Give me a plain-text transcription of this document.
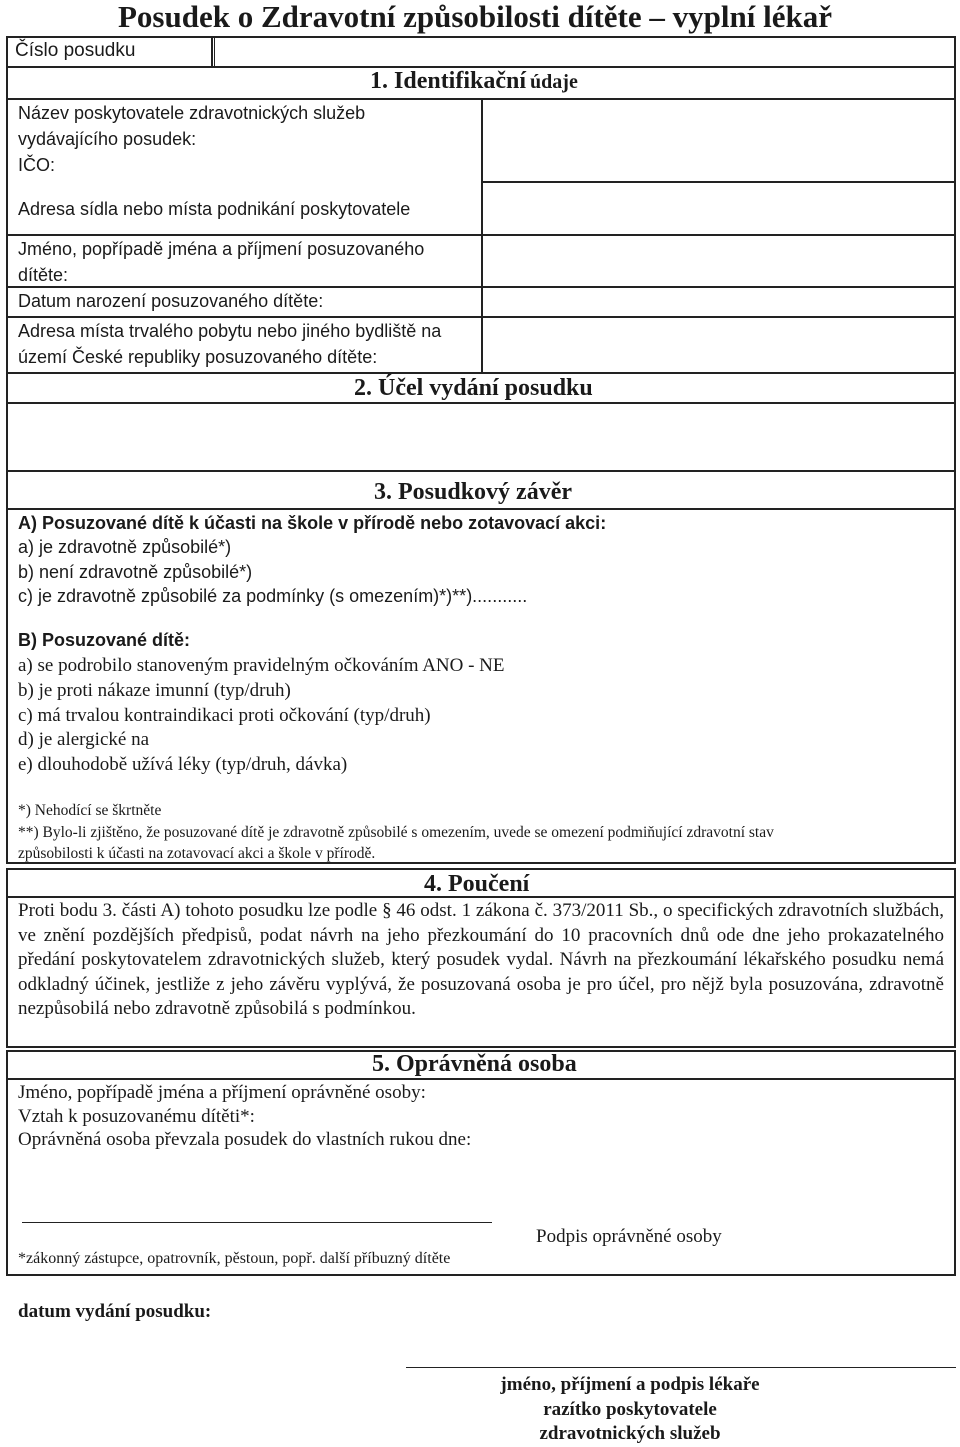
Posudek o Zdravotní způsobilosti dítěte – vyplní lékař
Číslo posudku
1. Identifikační údaje
Název poskytovatele zdravotnických služeb vydávajícího posudek:
IČO:
Adresa sídla nebo místa podnikání poskytovatele
Jméno, popřípadě jména a příjmení posuzovaného dítěte:
Datum narození posuzovaného dítěte:
Adresa místa trvalého pobytu nebo jiného bydliště na území České republiky posuzovaného dítěte:
2. Účel vydání posudku
3. Posudkový závěr
A) Posuzované dítě k účasti na škole v přírodě nebo zotavovací akci:
a) je zdravotně způsobilé*)
b) není zdravotně způsobilé*)
c) je zdravotně způsobilé za podmínky (s omezením)*)**)...........
B) Posuzované dítě:
a) se podrobilo stanoveným pravidelným očkováním ANO - NE
b) je proti nákaze imunní (typ/druh)
c) má trvalou kontraindikaci proti očkování (typ/druh)
d) je alergické na
e) dlouhodobě užívá léky (typ/druh, dávka)
*) Nehodící se škrtněte
**) Bylo-li zjištěno, že posuzované dítě je zdravotně způsobilé s omezením, uvede se omezení podmiňující zdravotní stav
způsobilosti k účasti na zotavovací akci a škole v přírodě.
4. Poučení
Proti bodu 3. části A) tohoto posudku lze podle § 46 odst. 1 zákona č. 373/2011 Sb., o specifických zdravotních službách, ve znění pozdějších předpisů, podat návrh na jeho přezkoumání do 10 pracovních dnů ode dne jeho prokazatelného předání poskytovatelem zdravotnických služeb, který posudek vydal. Návrh na přezkoumání lékařského posudku nemá odkladný účinek, jestliže z jeho závěru vyplývá, že posuzovaná osoba je pro účel, pro nějž byla posuzována, zdravotně nezpůsobilá nebo zdravotně způsobilá s podmínkou.
5. Oprávněná osoba
Jméno, popřípadě jména a příjmení oprávněné osoby:
Vztah k posuzovanému dítěti*:
Oprávněná osoba převzala posudek do vlastních rukou dne:
*zákonný zástupce, opatrovník, pěstoun, popř. další příbuzný dítěte
Podpis oprávněné osoby
datum vydání posudku:
jméno, příjmení a podpis lékaře
razítko poskytovatele
zdravotnických služeb
